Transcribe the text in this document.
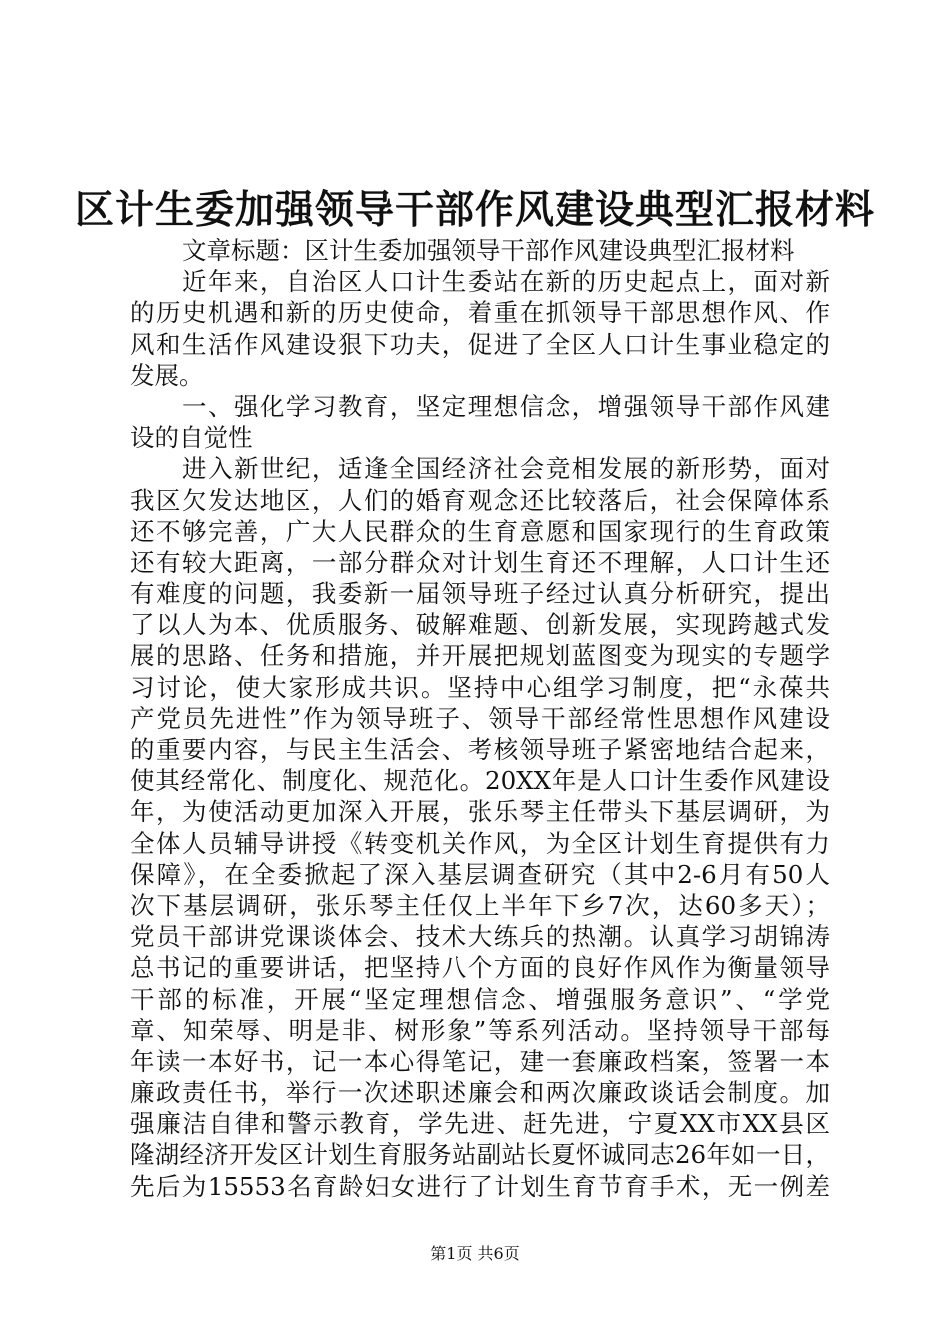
区计生委加强领导干部作风建设典型汇报材料
文章标题：区计生委加强领导干部作风建设典型汇报材料
近年来，自治区人口计生委站在新的历史起点上，面对新
的历史机遇和新的历史使命，着重在抓领导干部思想作风、作
风和生活作风建设狠下功夫，促进了全区人口计生事业稳定的
发展。
一、强化学习教育，坚定理想信念，增强领导干部作风建
设的自觉性
进入新世纪，适逢全国经济社会竞相发展的新形势，面对
我区欠发达地区，人们的婚育观念还比较落后，社会保障体系
还不够完善，广大人民群众的生育意愿和国家现行的生育政策
还有较大距离，一部分群众对计划生育还不理解，人口计生还
有难度的问题，我委新一届领导班子经过认真分析研究，提出
了以人为本、优质服务、破解难题、创新发展，实现跨越式发
展的思路、任务和措施，并开展把规划蓝图变为现实的专题学
习讨论，使大家形成共识。坚持中心组学习制度，把“永葆共
产党员先进性”作为领导班子、领导干部经常性思想作风建设
的重要内容，与民主生活会、考核领导班子紧密地结合起来，
使其经常化、制度化、规范化。20XX年是人口计生委作风建设
年，为使活动更加深入开展，张乐琴主任带头下基层调研，为
全体人员辅导讲授《转变机关作风，为全区计划生育提供有力
保障》，在全委掀起了深入基层调查研究（其中2-6月有50人
次下基层调研，张乐琴主任仅上半年下乡7次，达60多天）；
党员干部讲党课谈体会、技术大练兵的热潮。认真学习胡锦涛
总书记的重要讲话，把坚持八个方面的良好作风作为衡量领导
干部的标准，开展“坚定理想信念、增强服务意识”、“学党
章、知荣辱、明是非、树形象”等系列活动。坚持领导干部每
年读一本好书，记一本心得笔记，建一套廉政档案，签署一本
廉政责任书，举行一次述职述廉会和两次廉政谈话会制度。加
强廉洁自律和警示教育，学先进、赶先进，宁夏XX市XX县区
隆湖经济开发区计划生育服务站副站长夏怀诚同志26年如一日，
先后为15553名育龄妇女进行了计划生育节育手术，无一例差
第1页 共6页
